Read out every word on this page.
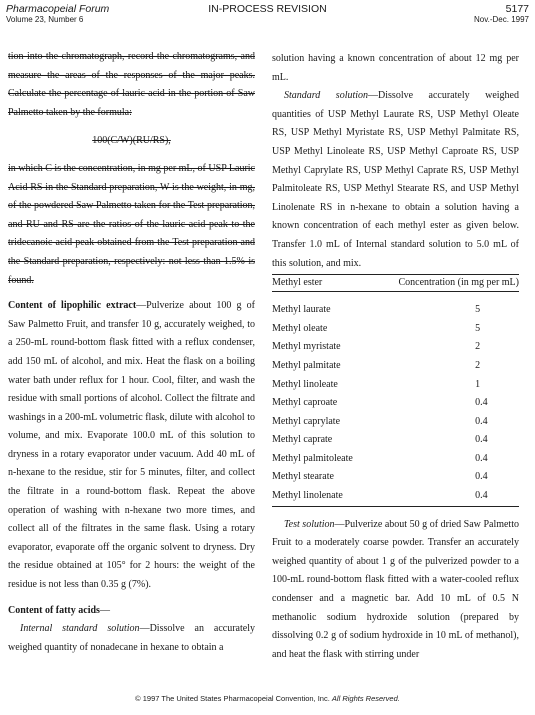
Pharmacopeial Forum
Volume 23, Number 6
IN-PROCESS REVISION	5177
Nov.-Dec. 1997

tion into the chromatograph, record the chromatograms, and measure the areas of the responses of the major peaks. Calculate the percentage of lauric acid in the portion of Saw Palmetto taken by the formula:

100(C/W)(RU/RS),

in which C is the concentration, in mg per mL, of USP Lauric Acid RS in the Standard preparation, W is the weight, in mg, of the powdered Saw Palmetto taken for the Test preparation, and RU and RS are the ratios of the lauric acid peak to the tridecanoic acid peak obtained from the Test preparation and the Standard preparation, respectively: not less than 1.5% is found.

Content of lipophilic extract—Pulverize about 100 g of Saw Palmetto Fruit, and transfer 10 g, accurately weighed, to a 250-mL round-bottom flask fitted with a reflux condenser, add 150 mL of alcohol, and mix. Heat the flask on a boiling water bath under reflux for 1 hour. Cool, filter, and wash the residue with small portions of alcohol. Collect the filtrate and washings in a 200-mL volumetric flask, dilute with alcohol to volume, and mix. Evaporate 100.0 mL of this solution to dryness in a rotary evaporator under vacuum. Add 40 mL of n-hexane to the residue, stir for 5 minutes, filter, and collect the filtrate in a round-bottom flask. Repeat the above operation of washing with n-hexane two more times, and collect all of the filtrates in the same flask. Using a rotary evaporator, evaporate off the organic solvent to dryness. Dry the residue obtained at 105° for 2 hours: the weight of the residue is not less than 0.35 g (7%).

Content of fatty acids—

Internal standard solution—Dissolve an accurately weighed quantity of nonadecane in hexane to obtain a

solution having a known concentration of about 12 mg per mL.

Standard solution—Dissolve accurately weighed quantities of USP Methyl Laurate RS, USP Methyl Oleate RS, USP Methyl Myristate RS, USP Methyl Palmitate RS, USP Methyl Linoleate RS, USP Methyl Caproate RS, USP Methyl Caprylate RS, USP Methyl Caprate RS, USP Methyl Palmitoleate RS, USP Methyl Stearate RS, and USP Methyl Linolenate RS in n-hexane to obtain a solution having a known concentration of each methyl ester as given below. Transfer 1.0 mL of Internal standard solution to 5.0 mL of this solution, and mix.

Methyl ester	Concentration (in mg per mL)
Methyl laurate	5
Methyl oleate	5
Methyl myristate	2
Methyl palmitate	2
Methyl linoleate	1
Methyl caproate	0.4
Methyl caprylate	0.4
Methyl caprate	0.4
Methyl palmitoleate	0.4
Methyl stearate	0.4
Methyl linolenate	0.4

Test solution—Pulverize about 50 g of dried Saw Palmetto Fruit to a moderately coarse powder. Transfer an accurately weighed quantity of about 1 g of the pulverized powder to a 100-mL round-bottom flask fitted with a water-cooled reflux condenser and a magnetic bar. Add 10 mL of 0.5 N methanolic sodium hydroxide solution (prepared by dissolving 0.2 g of sodium hydroxide in 10 mL of methanol), and heat the flask with stirring under

© 1997 The United States Pharmacopeial Convention, Inc. All Rights Reserved.
